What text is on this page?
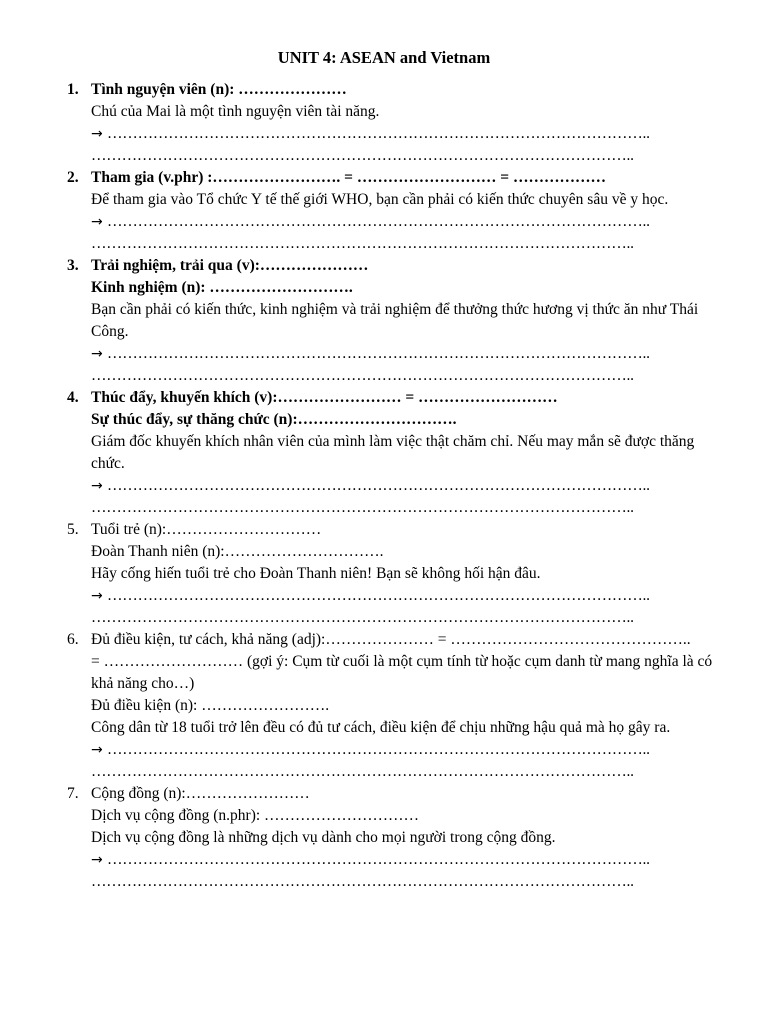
UNIT 4: ASEAN and Vietnam
1. Tình nguyện viên (n): …………………
Chú của Mai là một tình nguyện viên tài năng.
→ ……………………………………………………………………………………………..
……………………………………………………………………………………………..
2. Tham gia (v.phr) :……………………. = ……………………… = ………………
Để tham gia vào Tổ chức Y tế thế giới WHO, bạn cần phải có kiến thức chuyên sâu về y học.
→ ……………………………………………………………………………………………..
……………………………………………………………………………………………..
3. Trải nghiệm, trải qua (v):…………………
Kinh nghiệm (n): ……………………….
Bạn cần phải có kiến thức, kinh nghiệm và trải nghiệm để thưởng thức hương vị thức ăn như Thái Công.
→ ……………………………………………………………………………………………..
……………………………………………………………………………………………..
4. Thúc đẩy, khuyến khích (v):…………………… = ………………………
Sự thúc đẩy, sự thăng chức (n):………………………….
Giám đốc khuyến khích nhân viên của mình làm việc thật chăm chỉ. Nếu may mắn sẽ được thăng chức.
→ ……………………………………………………………………………………………..
……………………………………………………………………………………………..
5. Tuổi trẻ (n):…………………………
Đoàn Thanh niên (n):………………………….
Hãy cống hiến tuổi trẻ cho Đoàn Thanh niên! Bạn sẽ không hối hận đâu.
→ ……………………………………………………………………………………………..
……………………………………………………………………………………………..
6. Đủ điều kiện, tư cách, khả năng (adj):………………… = ………………………………………..
= ……………………… (gợi ý: Cụm từ cuối là một cụm tính từ hoặc cụm danh từ mang nghĩa là có khả năng cho…)
Đủ điều kiện (n): …………………….
Công dân từ 18 tuổi trở lên đều có đủ tư cách, điều kiện để chịu những hậu quả mà họ gây ra.
→ ……………………………………………………………………………………………..
……………………………………………………………………………………………..
7. Cộng đồng (n):……………………
Dịch vụ cộng đồng (n.phr): …………………………
Dịch vụ cộng đồng là những dịch vụ dành cho mọi người trong cộng đồng.
→ ……………………………………………………………………………………………..
……………………………………………………………………………………………..
